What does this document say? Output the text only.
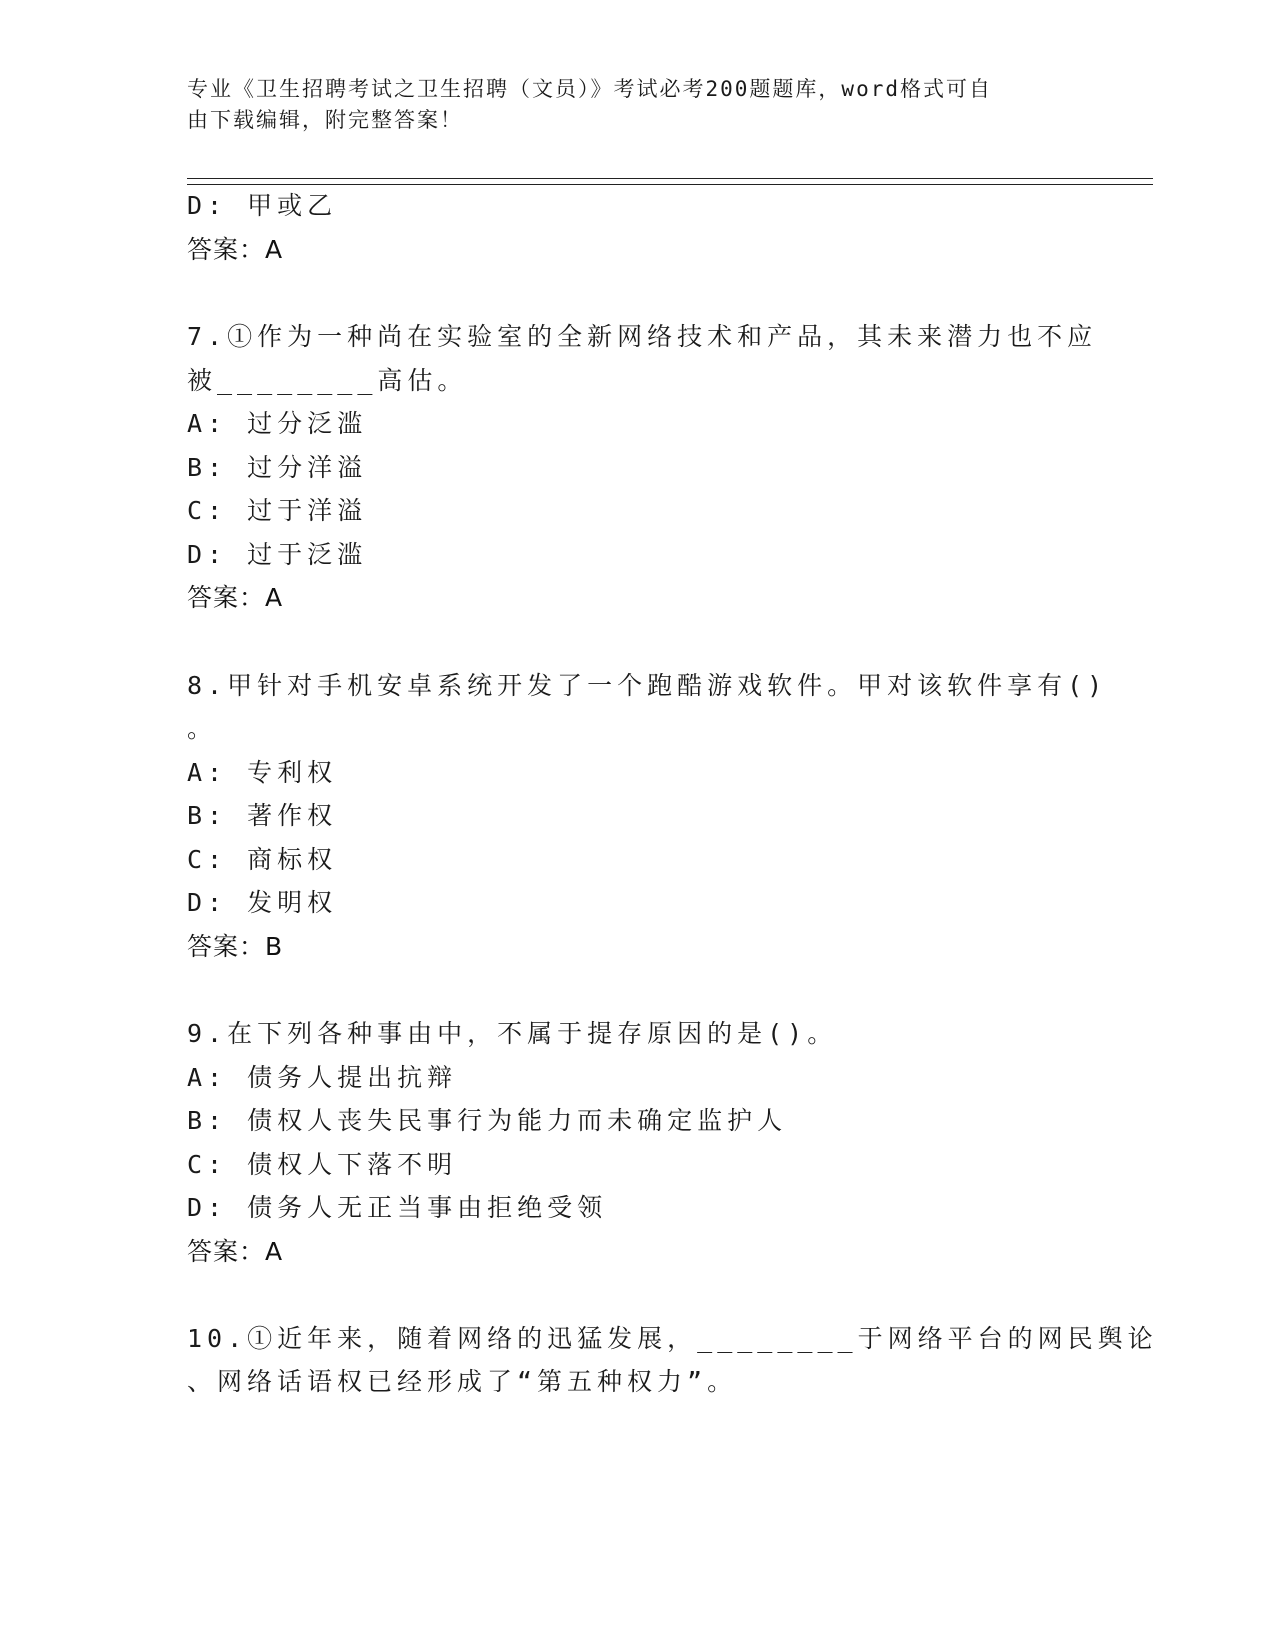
专业《卫生招聘考试之卫生招聘（文员）》考试必考200题题库，word格式可自
由下载编辑，附完整答案！
D: 甲或乙
答案：A
7.①作为一种尚在实验室的全新网络技术和产品，其未来潜力也不应
被________高估。
A: 过分泛滥
B: 过分洋溢
C: 过于洋溢
D: 过于泛滥
答案：A
8.甲针对手机安卓系统开发了一个跑酷游戏软件。甲对该软件享有()
。
A: 专利权
B: 著作权
C: 商标权
D: 发明权
答案：B
9.在下列各种事由中，不属于提存原因的是()。
A: 债务人提出抗辩
B: 债权人丧失民事行为能力而未确定监护人
C: 债权人下落不明
D: 债务人无正当事由拒绝受领
答案：A
10.①近年来，随着网络的迅猛发展，________于网络平台的网民舆论
、网络话语权已经形成了“第五种权力”。
